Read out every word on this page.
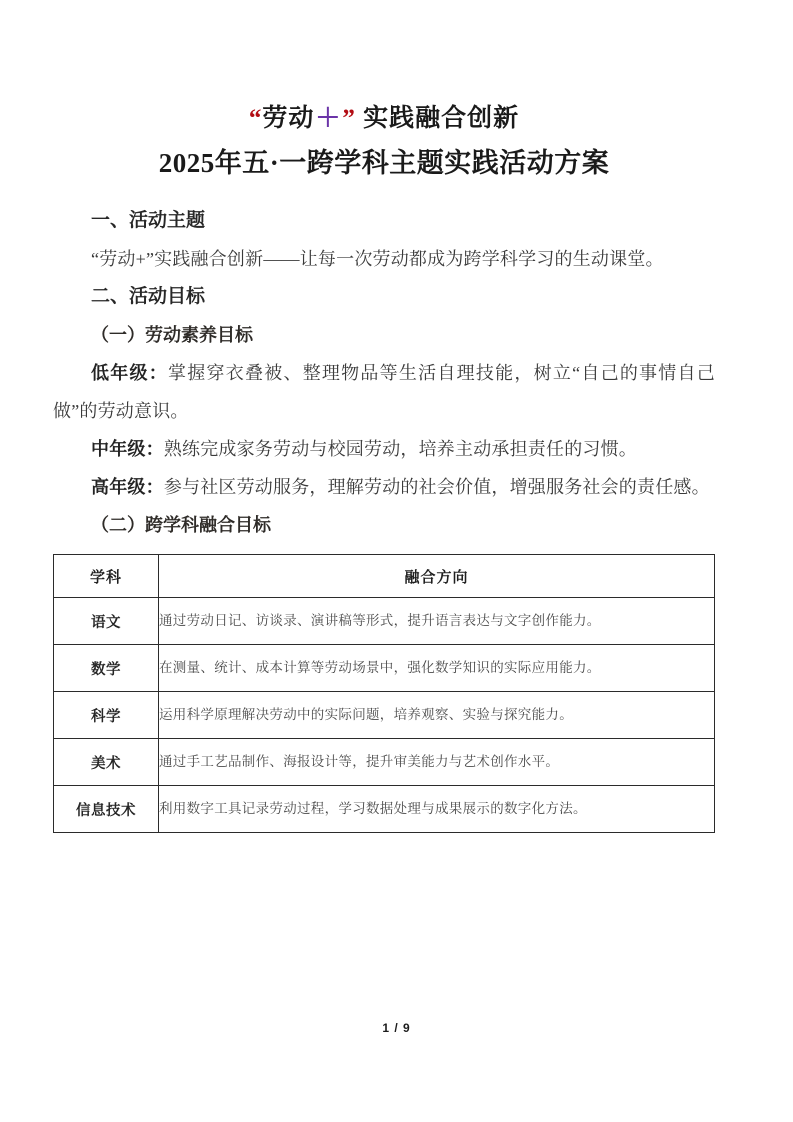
“劳动＋” 实践融合创新
2025年五·一跨学科主题实践活动方案
一、活动主题
“劳动+”实践融合创新——让每一次劳动都成为跨学科学习的生动课堂。
二、活动目标
（一）劳动素养目标
低年级：掌握穿衣叠被、整理物品等生活自理技能，树立“自己的事情自己做”的劳动意识。
中年级：熟练完成家务劳动与校园劳动，培养主动承担责任的习惯。
高年级：参与社区劳动服务，理解劳动的社会价值，增强服务社会的责任感。
（二）跨学科融合目标
学科	融合方向
语文	通过劳动日记、访谈录、演讲稿等形式，提升语言表达与文字创作能力。
数学	在测量、统计、成本计算等劳动场景中，强化数学知识的实际应用能力。
科学	运用科学原理解决劳动中的实际问题，培养观察、实验与探究能力。
美术	通过手工艺品制作、海报设计等，提升审美能力与艺术创作水平。
信息技术	利用数字工具记录劳动过程，学习数据处理与成果展示的数字化方法。
1 / 9
